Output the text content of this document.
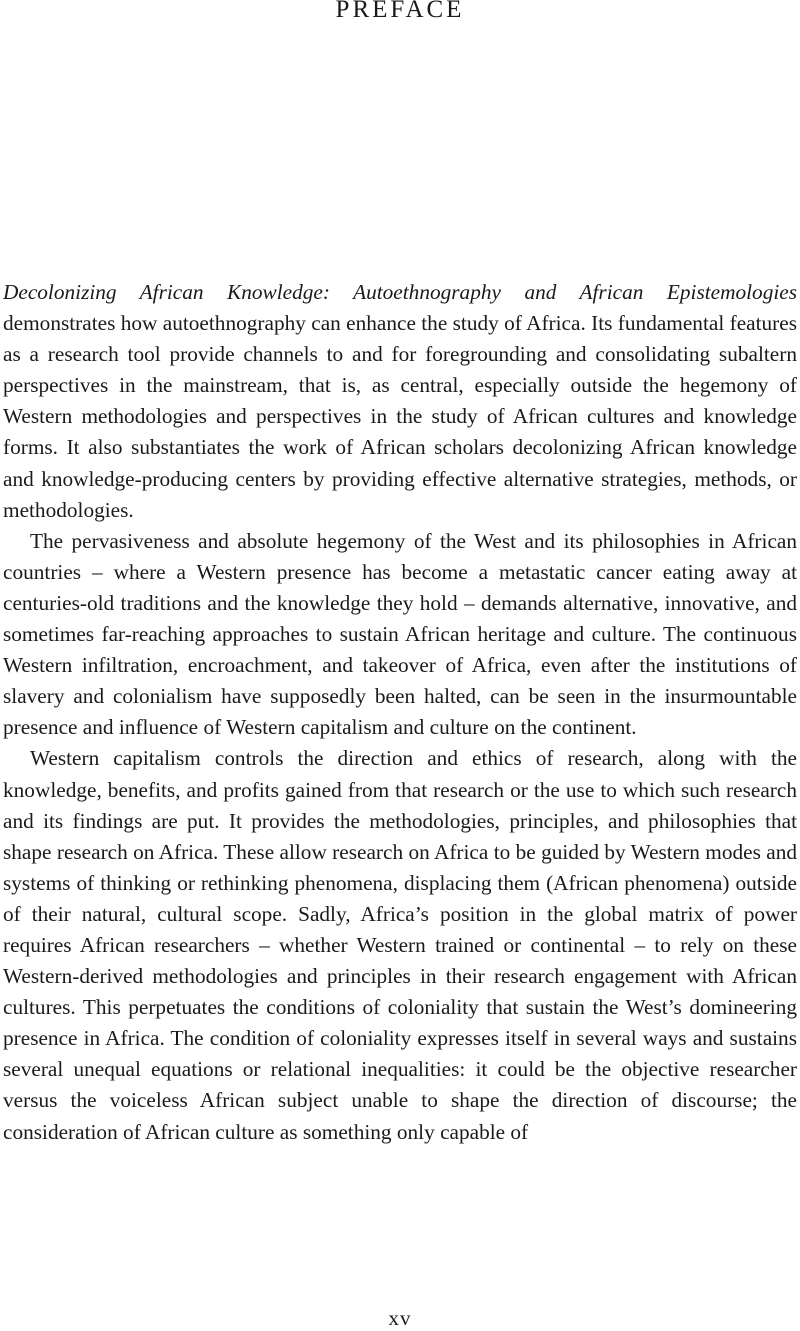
PREFACE

Decolonizing African Knowledge: Autoethnography and African Epistemologies demonstrates how autoethnography can enhance the study of Africa. Its fundamental features as a research tool provide channels to and for foregrounding and consolidating subaltern perspectives in the mainstream, that is, as central, especially outside the hegemony of Western methodologies and perspectives in the study of African cultures and knowledge forms. It also substantiates the work of African scholars decolonizing African knowledge and knowledge-producing centers by providing effective alternative strategies, methods, or methodologies.

The pervasiveness and absolute hegemony of the West and its philosophies in African countries – where a Western presence has become a metastatic cancer eating away at centuries-old traditions and the knowledge they hold – demands alternative, innovative, and sometimes far-reaching approaches to sustain African heritage and culture. The continuous Western infiltration, encroachment, and takeover of Africa, even after the institutions of slavery and colonialism have supposedly been halted, can be seen in the insurmountable presence and influence of Western capitalism and culture on the continent.

Western capitalism controls the direction and ethics of research, along with the knowledge, benefits, and profits gained from that research or the use to which such research and its findings are put. It provides the methodologies, principles, and philosophies that shape research on Africa. These allow research on Africa to be guided by Western modes and systems of thinking or rethinking phenomena, displacing them (African phenomena) outside of their natural, cultural scope. Sadly, Africa’s position in the global matrix of power requires African researchers – whether Western trained or continental – to rely on these Western-derived methodologies and principles in their research engagement with African cultures. This perpetuates the conditions of coloniality that sustain the West’s domineering presence in Africa. The condition of coloniality expresses itself in several ways and sustains several unequal equations or relational inequalities: it could be the objective researcher versus the voiceless African subject unable to shape the direction of discourse; the consideration of African culture as something only capable of

xv
